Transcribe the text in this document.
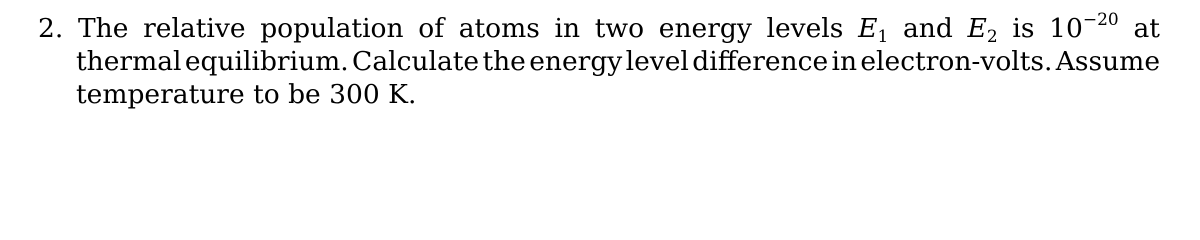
2. The relative population of atoms in two energy levels $E_1$ and $E_2$ is $10^{-20}$ at
thermal equilibrium. Calculate the energy level difference in electron-volts. Assume
temperature to be 300 K.
